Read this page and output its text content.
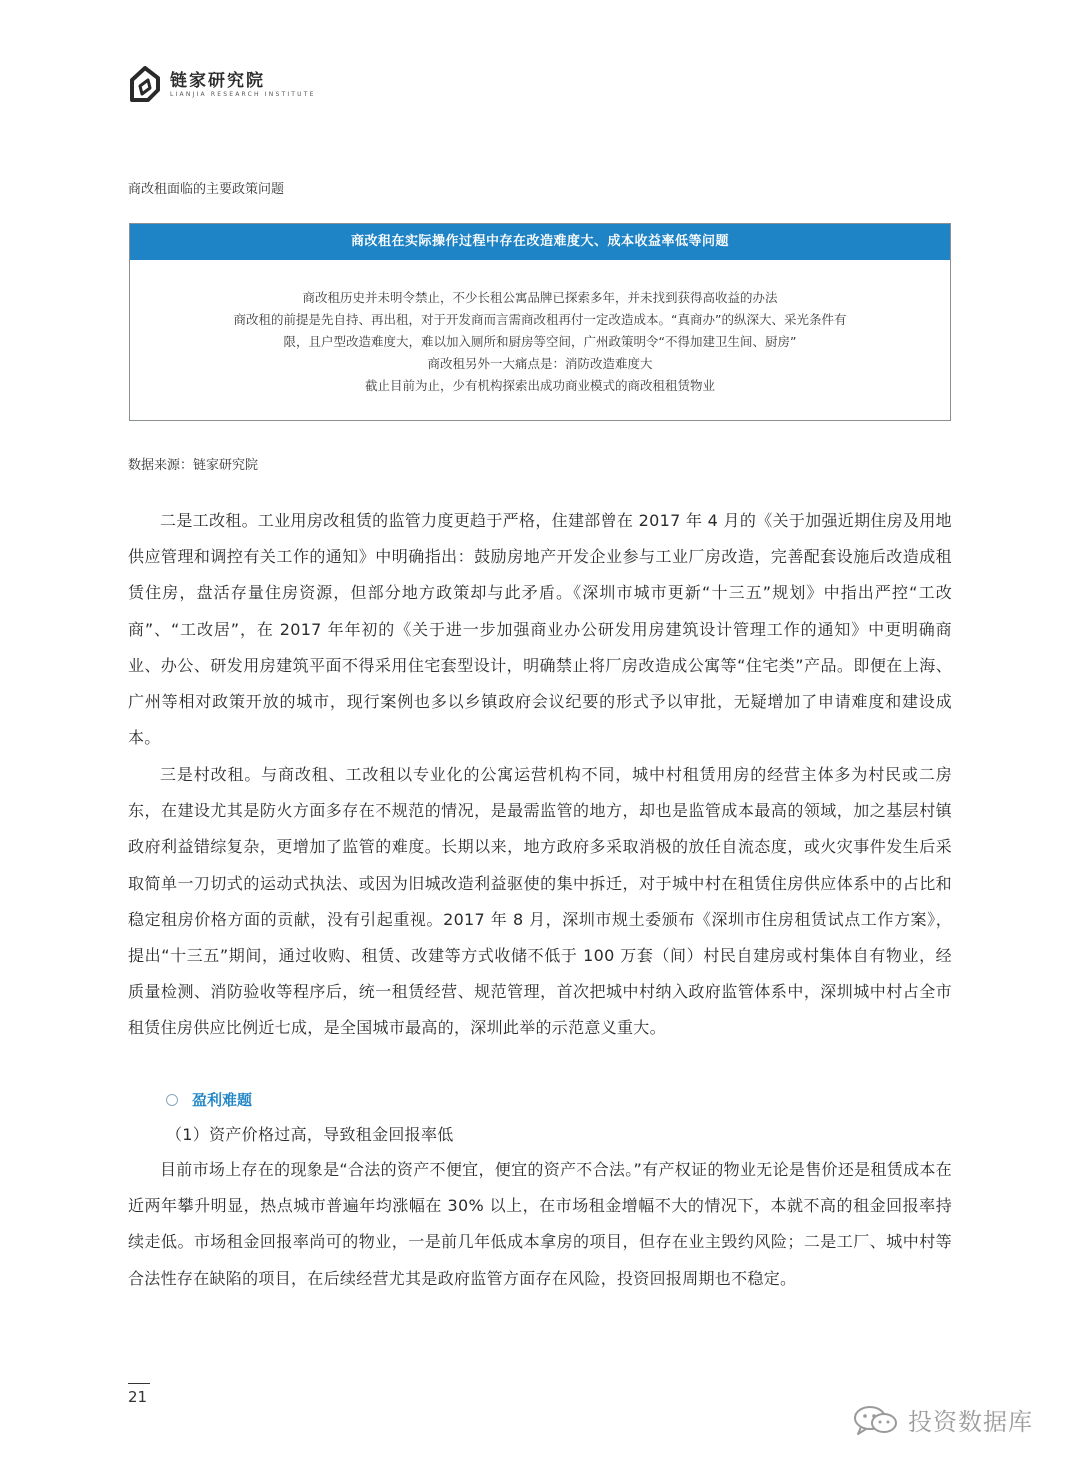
链家研究院
LIANJIA RESEARCH INSTITUTE
商改租面临的主要政策问题
商改租在实际操作过程中存在改造难度大、成本收益率低等问题
商改租历史并未明令禁止，不少长租公寓品牌已探索多年，并未找到获得高收益的办法
商改租的前提是先自持、再出租，对于开发商而言需商改租再付一定改造成本。“真商办”的纵深大、采光条件有
限，且户型改造难度大，难以加入厕所和厨房等空间，广州政策明令“不得加建卫生间、厨房”
商改租另外一大痛点是：消防改造难度大
截止目前为止，少有机构探索出成功商业模式的商改租租赁物业
数据来源：链家研究院

二是工改租。工业用房改租赁的监管力度更趋于严格，住建部曾在 2017 年 4 月的《关于加强近期住房及用地供应管理和调控有关工作的通知》中明确指出：鼓励房地产开发企业参与工业厂房改造，完善配套设施后改造成租赁住房，盘活存量住房资源，但部分地方政策却与此矛盾。《深圳市城市更新“十三五”规划》中指出严控“工改商”、“工改居”，在 2017 年年初的《关于进一步加强商业办公研发用房建筑设计管理工作的通知》中更明确商业、办公、研发用房建筑平面不得采用住宅套型设计，明确禁止将厂房改造成公寓等“住宅类”产品。即便在上海、广州等相对政策开放的城市，现行案例也多以乡镇政府会议纪要的形式予以审批，无疑增加了申请难度和建设成本。

三是村改租。与商改租、工改租以专业化的公寓运营机构不同，城中村租赁用房的经营主体多为村民或二房东，在建设尤其是防火方面多存在不规范的情况，是最需监管的地方，却也是监管成本最高的领域，加之基层村镇政府利益错综复杂，更增加了监管的难度。长期以来，地方政府多采取消极的放任自流态度，或火灾事件发生后采取简单一刀切式的运动式执法、或因为旧城改造利益驱使的集中拆迁，对于城中村在租赁住房供应体系中的占比和稳定租房价格方面的贡献，没有引起重视。2017 年 8 月，深圳市规土委颁布《深圳市住房租赁试点工作方案》，提出“十三五”期间，通过收购、租赁、改建等方式收储不低于 100 万套（间）村民自建房或村集体自有物业，经质量检测、消防验收等程序后，统一租赁经营、规范管理，首次把城中村纳入政府监管体系中，深圳城中村占全市租赁住房供应比例近七成，是全国城市最高的，深圳此举的示范意义重大。

盈利难题
（1）资产价格过高，导致租金回报率低

目前市场上存在的现象是“合法的资产不便宜，便宜的资产不合法。”有产权证的物业无论是售价还是租赁成本在近两年攀升明显，热点城市普遍年均涨幅在 30% 以上，在市场租金增幅不大的情况下，本就不高的租金回报率持续走低。市场租金回报率尚可的物业，一是前几年低成本拿房的项目，但存在业主毁约风险；二是工厂、城中村等合法性存在缺陷的项目，在后续经营尤其是政府监管方面存在风险，投资回报周期也不稳定。

21
投资数据库
